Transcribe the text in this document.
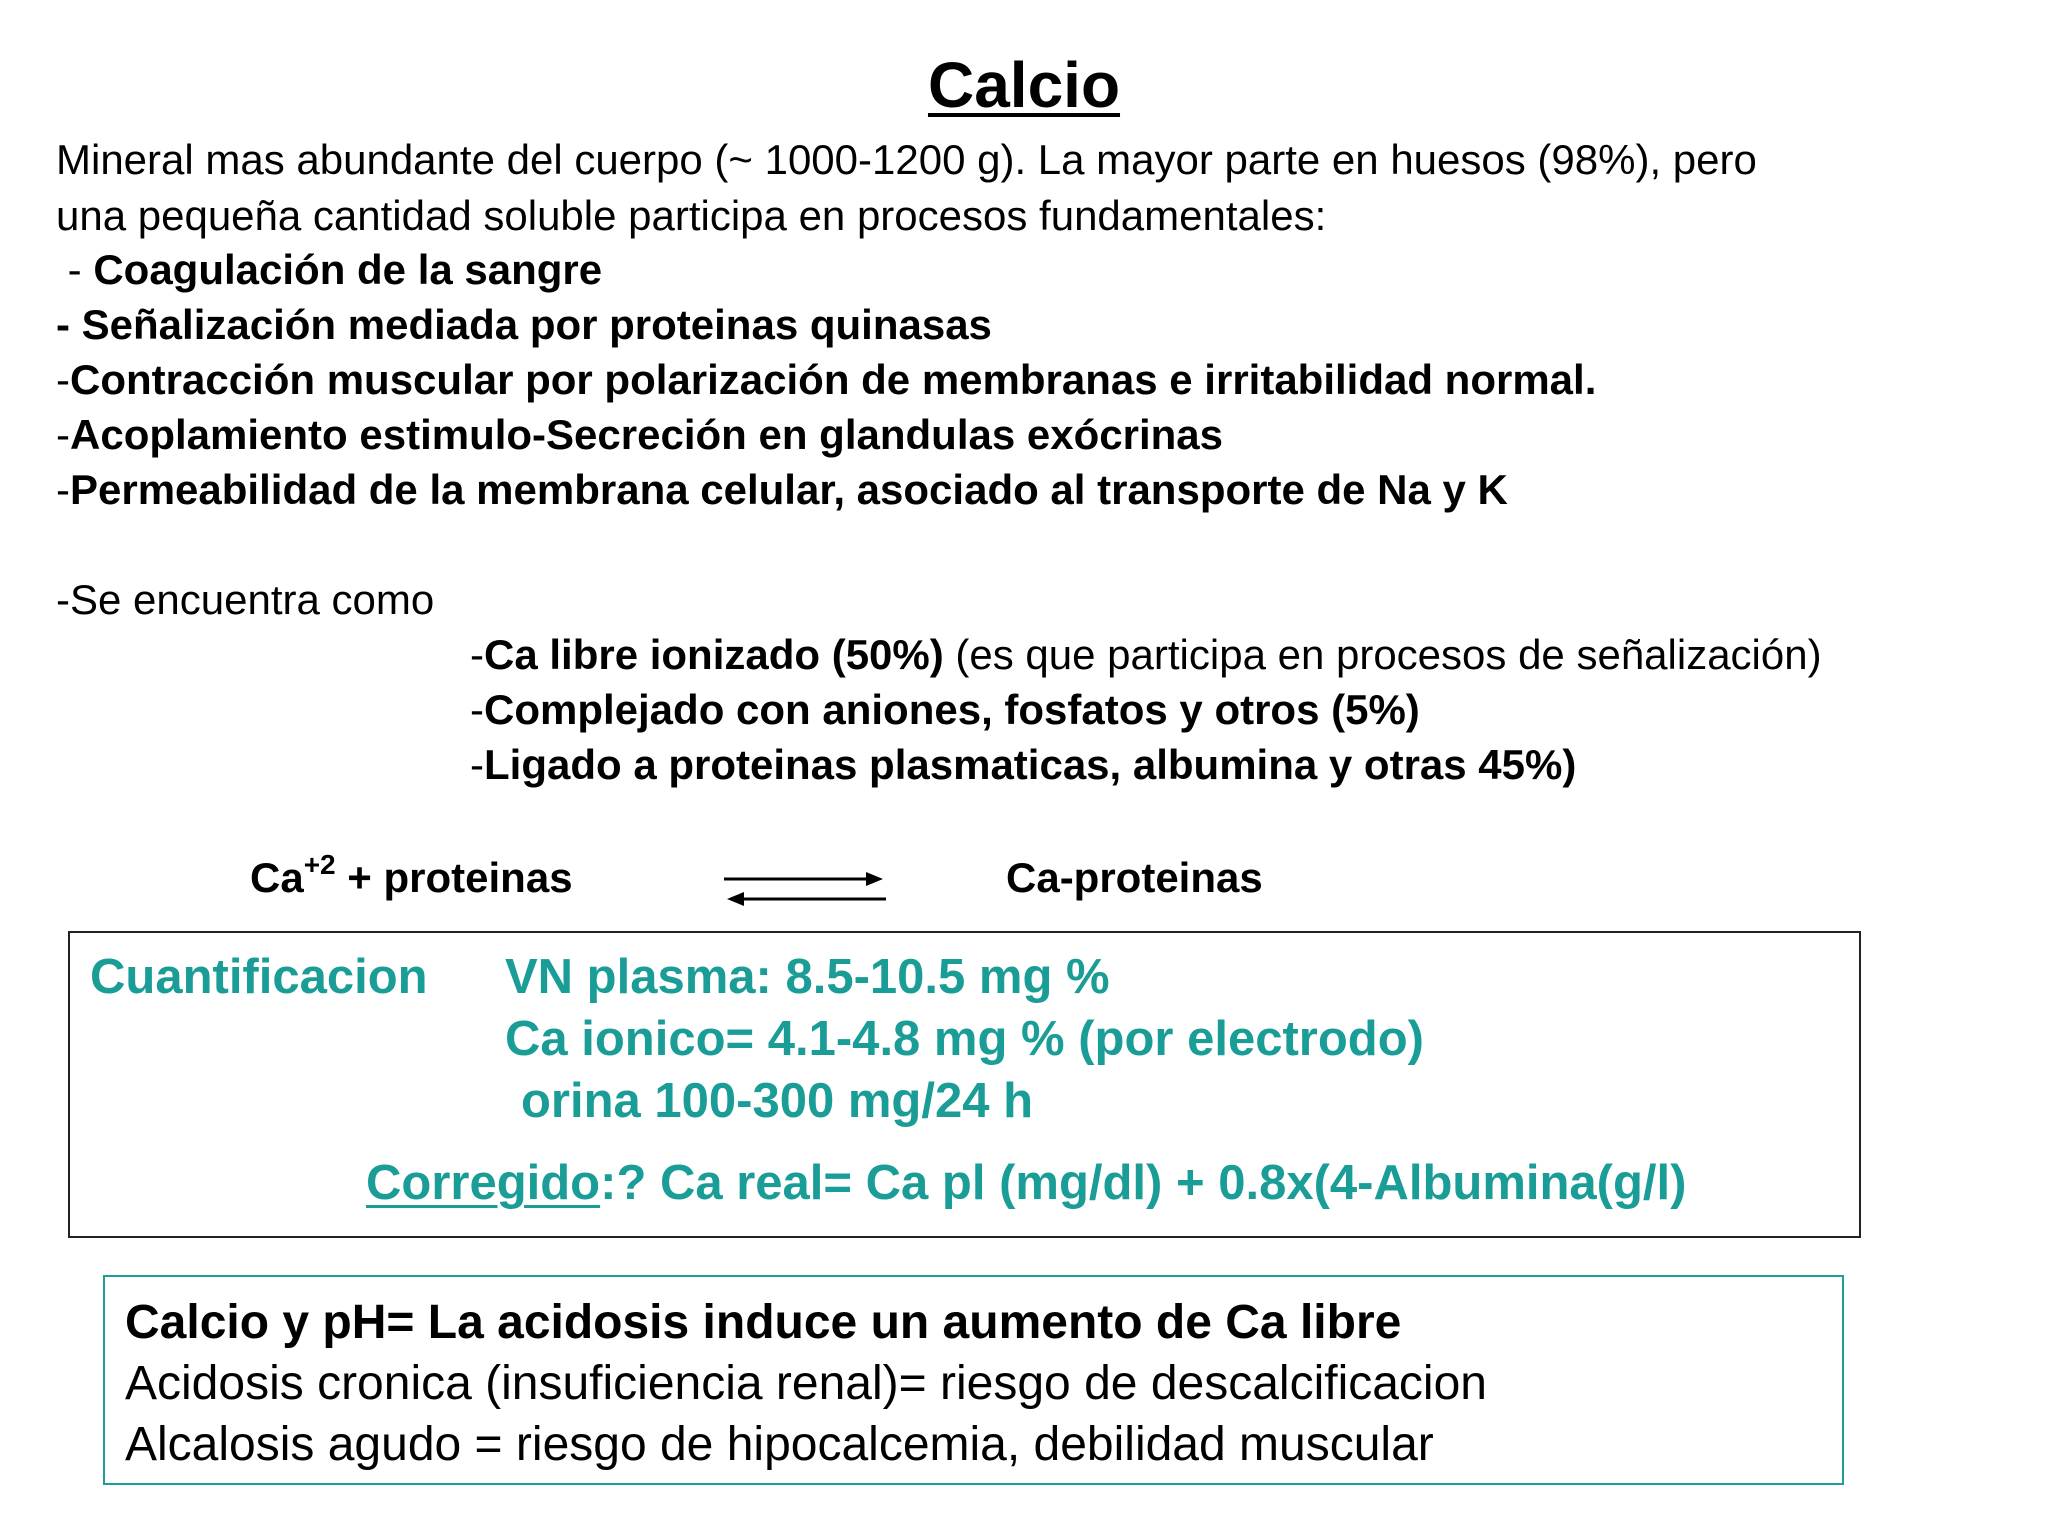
Calcio
Mineral mas abundante del cuerpo (~ 1000-1200 g). La mayor parte en huesos (98%), pero
una pequeña cantidad soluble participa en procesos fundamentales:
- Coagulación de la sangre
- Señalización mediada por proteinas quinasas
-Contracción muscular por polarización de membranas e irritabilidad normal.
-Acoplamiento estimulo-Secreción en glandulas exócrinas
-Permeabilidad de la membrana celular, asociado al transporte de Na y K
-Se encuentra como
-Ca libre ionizado (50%) (es que participa en procesos de señalización)
-Complejado con aniones, fosfatos y otros (5%)
-Ligado a proteinas plasmaticas, albumina y otras 45%)
$Ca^{+2}$ + proteinas	Ca-proteinas
Cuantificacion VN plasma: 8.5-10.5 mg %
Ca ionico= 4.1-4.8 mg % (por electrodo)
orina 100-300 mg/24 h
Corregido:? Ca real= Ca pl (mg/dl) + 0.8x(4-Albumina(g/l)
Calcio y pH= La acidosis induce un aumento de Ca libre
Acidosis cronica (insuficiencia renal)= riesgo de descalcificacion
Alcalosis agudo = riesgo de hipocalcemia, debilidad muscular
